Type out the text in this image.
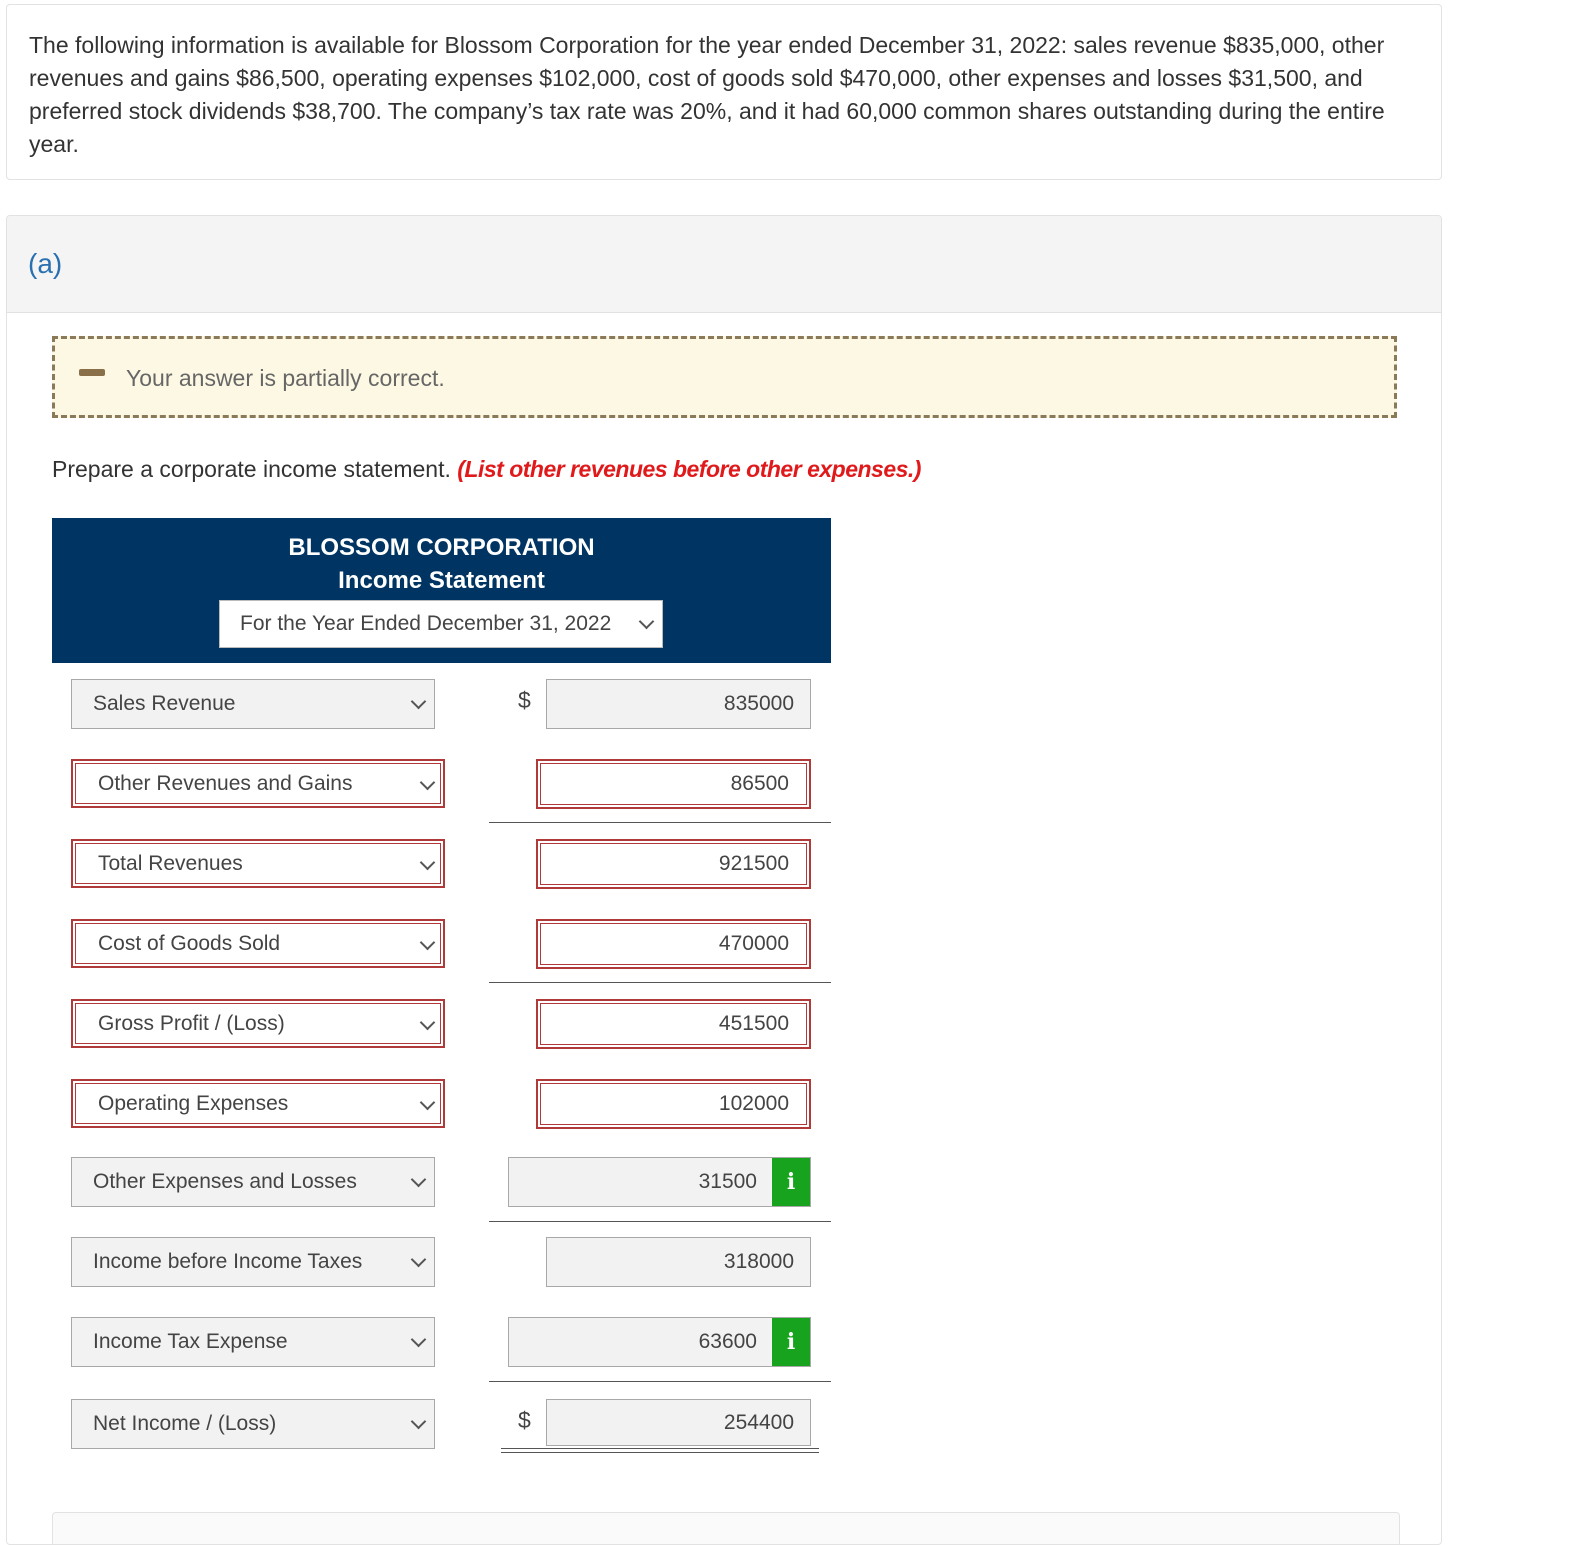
The following information is available for Blossom Corporation for the year ended December 31, 2022: sales revenue $835,000, other revenues and gains $86,500, operating expenses $102,000, cost of goods sold $470,000, other expenses and losses $31,500, and preferred stock dividends $38,700. The company’s tax rate was 20%, and it had 60,000 common shares outstanding during the entire year.

(a)
Your answer is partially correct.
Prepare a corporate income statement. (List other revenues before other expenses.)
BLOSSOM CORPORATION
Income Statement
For the Year Ended December 31, 2022
Sales Revenue	$	835000
Other Revenues and Gains	86500
Total Revenues	921500
Cost of Goods Sold	470000
Gross Profit / (Loss)	451500
Operating Expenses	102000
Other Expenses and Losses	31500	i
Income before Income Taxes	318000
Income Tax Expense	63600	i
Net Income / (Loss)	$	254400
